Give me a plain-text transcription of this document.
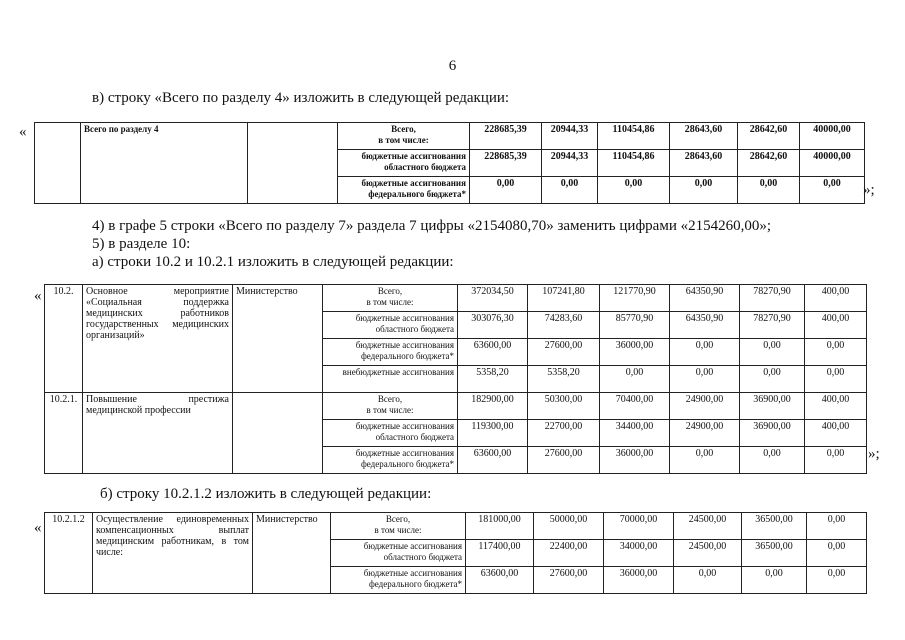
6
в) строку «Всего по разделу 4» изложить в следующей редакции:
«
		Всего по разделу 4		Всего,
в том числе:	228685,39	20944,33	110454,86	28643,60	28642,60	40000,00
			бюджетные ассигнования областного бюджета	228685,39	20944,33	110454,86	28643,60	28642,60	40000,00
			бюджетные ассигнования федерального бюджета*	0,00	0,00	0,00	0,00	0,00	0,00 »;
4) в графе 5 строки «Всего по разделу 7» раздела 7 цифры «2154080,70» заменить цифрами «2154260,00»;
5) в разделе 10:
а) строки 10.2 и 10.2.1 изложить в следующей редакции:
« 10.2.	Основное мероприятие «Социальная поддержка медицинских работников государственных медицинских организаций»	Министерство	Всего,
в том числе:	372034,50	107241,80	121770,90	64350,90	78270,90	400,00
			бюджетные ассигнования областного бюджета	303076,30	74283,60	85770,90	64350,90	78270,90	400,00
			бюджетные ассигнования федерального бюджета*	63600,00	27600,00	36000,00	0,00	0,00	0,00
			внебюджетные ассигнования	5358,20	5358,20	0,00	0,00	0,00	0,00
10.2.1.	Повышение престижа медицинской профессии		Всего,
в том числе:	182900,00	50300,00	70400,00	24900,00	36900,00	400,00
			бюджетные ассигнования областного бюджета	119300,00	22700,00	34400,00	24900,00	36900,00	400,00
			бюджетные ассигнования федерального бюджета*	63600,00	27600,00	36000,00	0,00	0,00	0,00 »;
б) строку 10.2.1.2 изложить в следующей редакции:
«
10.2.1.2	Осуществление единовременных компенсационных выплат медицинским работникам, в том числе:	Министерство	Всего,
в том числе:	181000,00	50000,00	70000,00	24500,00	36500,00	0,00
			бюджетные ассигнования областного бюджета	117400,00	22400,00	34000,00	24500,00	36500,00	0,00
			бюджетные ассигнования федерального бюджета*	63600,00	27600,00	36000,00	0,00	0,00	0,00
